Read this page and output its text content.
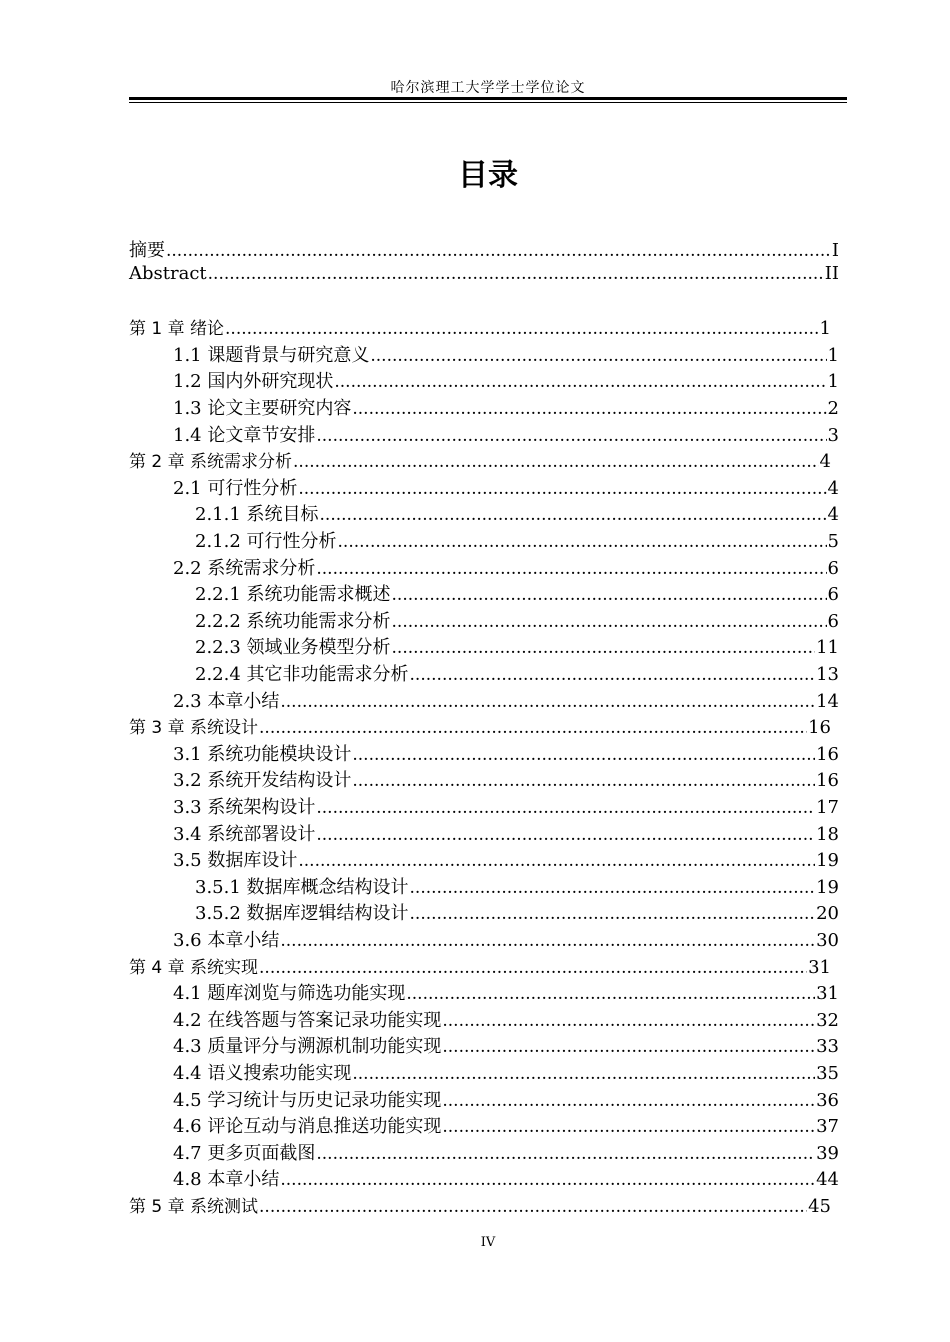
哈尔滨理工大学学士学位论文
目录
摘要 .....	I
Abstract .....	II
第 1 章 绪论 .....	1
1.1 课题背景与研究意义 .....	1
1.2 国内外研究现状 .....	1
1.3 论文主要研究内容 .....	2
1.4 论文章节安排 .....	3
第 2 章 系统需求分析 .....	4
2.1 可行性分析 .....	4
2.1.1 系统目标 .....	4
2.1.2 可行性分析 .....	5
2.2 系统需求分析 .....	6
2.2.1 系统功能需求概述 .....	6
2.2.2 系统功能需求分析 .....	6
2.2.3 领域业务模型分析 .....	11
2.2.4 其它非功能需求分析 .....	13
2.3 本章小结 .....	14
第 3 章 系统设计 .....	16
3.1 系统功能模块设计 .....	16
3.2 系统开发结构设计 .....	16
3.3 系统架构设计 .....	17
3.4 系统部署设计 .....	18
3.5 数据库设计 .....	19
3.5.1 数据库概念结构设计 .....	19
3.5.2 数据库逻辑结构设计 .....	20
3.6 本章小结 .....	30
第 4 章 系统实现 .....	31
4.1 题库浏览与筛选功能实现 .....	31
4.2 在线答题与答案记录功能实现 .....	32
4.3 质量评分与溯源机制功能实现 .....	33
4.4 语义搜索功能实现 .....	35
4.5 学习统计与历史记录功能实现 .....	36
4.6 评论互动与消息推送功能实现 .....	37
4.7 更多页面截图 .....	39
4.8 本章小结 .....	44
第 5 章 系统测试 .....	45
IV
